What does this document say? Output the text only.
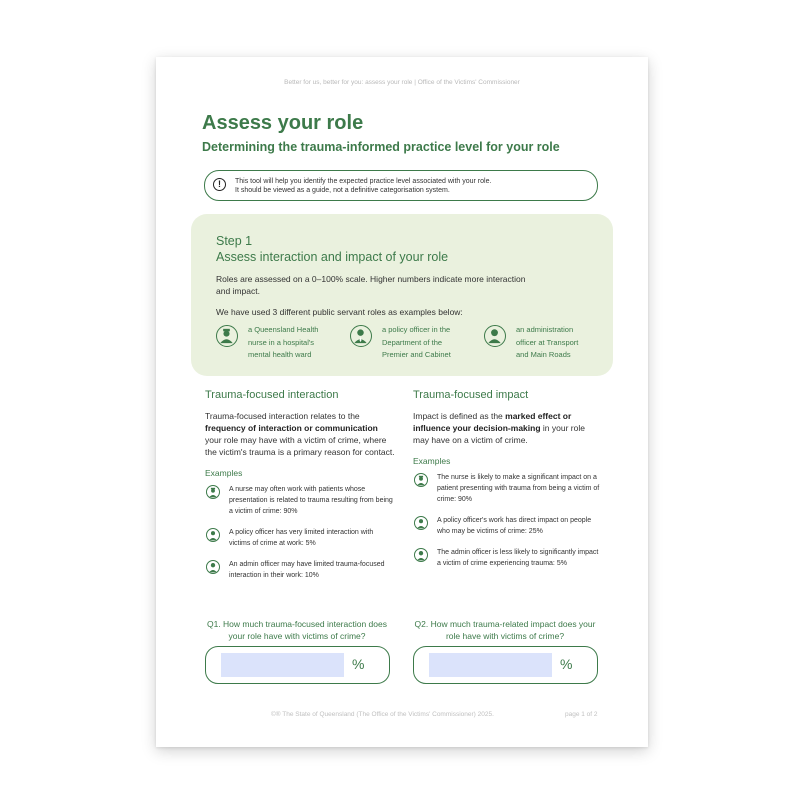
Better for us, better for you: assess your role | Office of the Victims' Commissioner
Assess your role
Determining the trauma-informed practice level for your role
!	This tool will help you identify the expected practice level associated with your role.
It should be viewed as a guide, not a definitive categorisation system.
Step 1
Assess interaction and impact of your role
Roles are assessed on a 0–100% scale. Higher numbers indicate more interaction and impact.
We have used 3 different public servant roles as examples below:
a Queensland Health
nurse in a hospital's
mental health ward
a policy officer in the
Department of the
Premier and Cabinet
an administration
officer at Transport
and Main Roads
Trauma-focused interaction
Trauma-focused interaction relates to the frequency of interaction or communication your role may have with a victim of crime, where the victim's trauma is a primary reason for contact.
Examples
A nurse may often work with patients whose presentation is related to trauma resulting from being a victim of crime: 90%
A policy officer has very limited interaction with victims of crime at work: 5%
An admin officer may have limited trauma-focused interaction in their work: 10%
Trauma-focused impact
Impact is defined as the marked effect or influence your decision-making in your role may have on a victim of crime.
Examples
The nurse is likely to make a significant impact on a patient presenting with trauma from being a victim of crime: 90%
A policy officer's work has direct impact on people who may be victims of crime: 25%
The admin officer is less likely to significantly impact a victim of crime experiencing trauma: 5%
Q1. How much trauma-focused interaction does your role have with victims of crime?
Q2. How much trauma-related impact does your role have with victims of crime?
%	%
©® The State of Queensland (The Office of the Victims' Commissioner) 2025.	page 1 of 2
